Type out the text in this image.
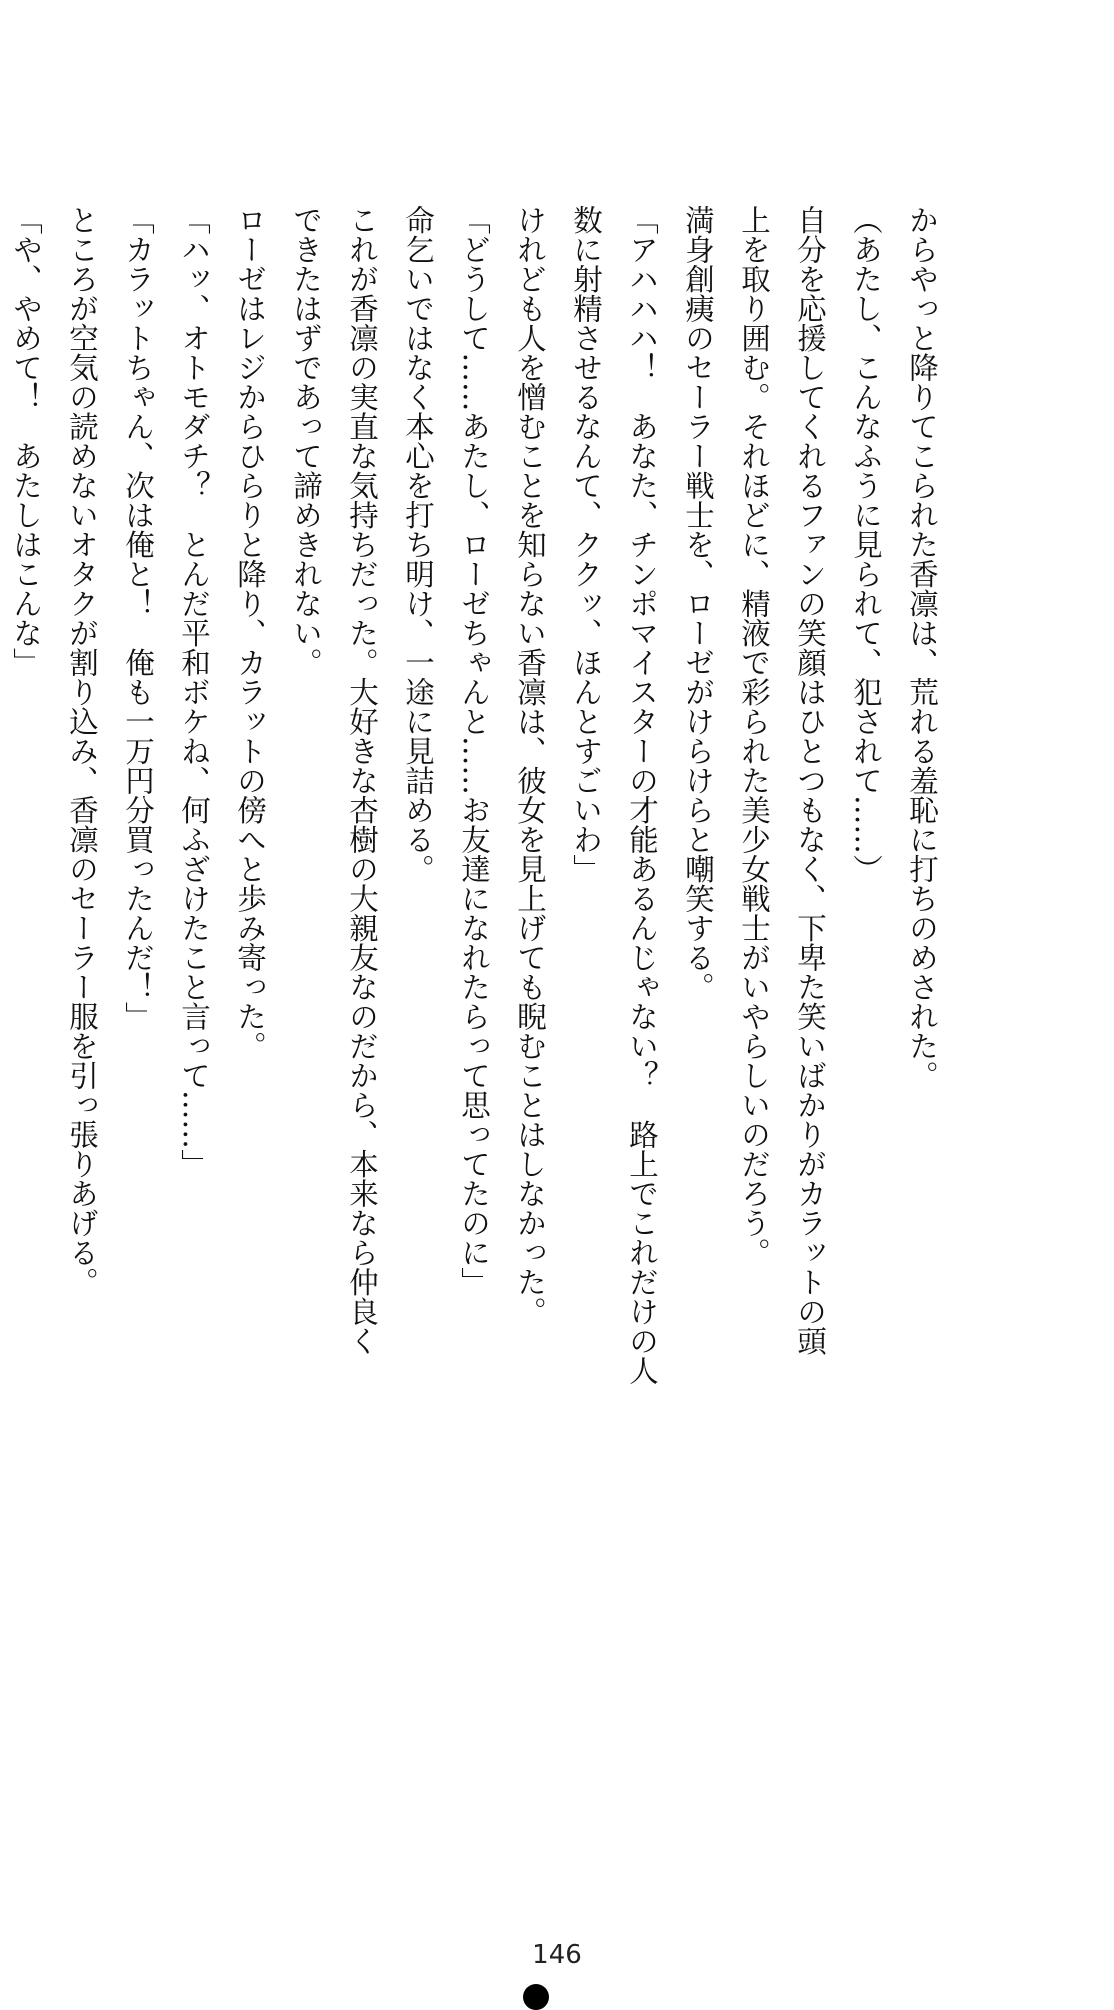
からやっと降りてこられた香凛は、荒れる羞恥に打ちのめされた。
（あたし、こんなふうに見られて、犯されて……）
自分を応援してくれるファンの笑顔はひとつもなく、下卑た笑いばかりがカラットの頭
上を取り囲む。それほどに、精液で彩られた美少女戦士がいやらしいのだろう。
満身創痍のセーラー戦士を、ローゼがけらけらと嘲笑する。
「アハハハ！　あなた、チンポマイスターの才能あるんじゃない？　路上でこれだけの人
数に射精させるなんて、ククッ、ほんとすごいわ」
けれども人を憎むことを知らない香凛は、彼女を見上げても睨むことはしなかった。
「どうして……あたし、ローゼちゃんと……お友達になれたらって思ってたのに」
命乞いではなく本心を打ち明け、一途に見詰める。
これが香凛の実直な気持ちだった。大好きな杏樹の大親友なのだから、本来なら仲良く
できたはずであって諦めきれない。
ローゼはレジからひらりと降り、カラットの傍へと歩み寄った。
「ハッ、オトモダチ？　とんだ平和ボケね、何ふざけたこと言って……」
「カラットちゃん、次は俺と！　俺も一万円分買ったんだ！」
ところが空気の読めないオタクが割り込み、香凛のセーラー服を引っ張りあげる。
「や、やめて！　あたしはこんな」
146
